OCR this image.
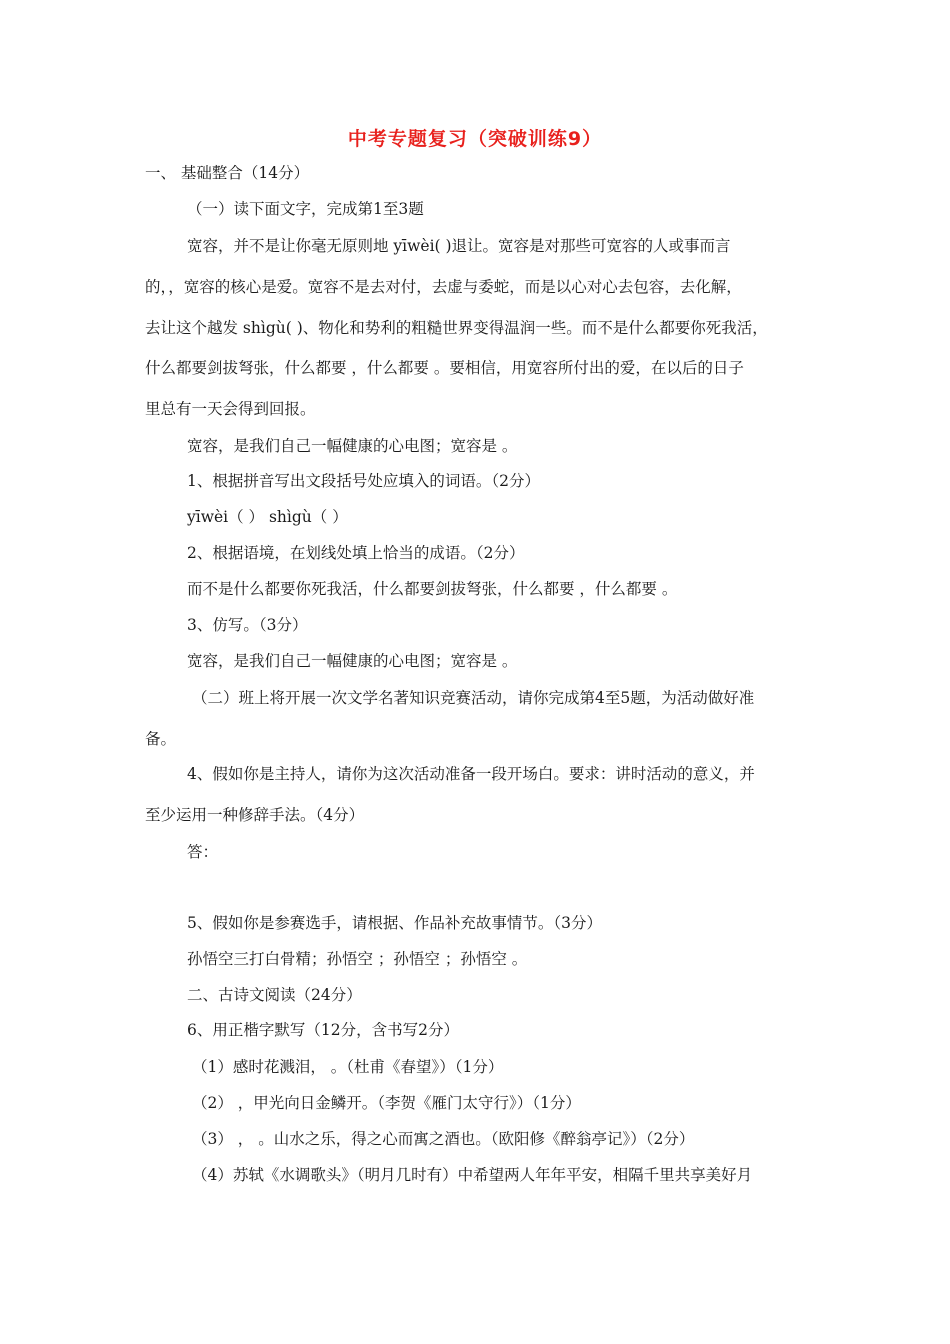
中考专题复习（突破训练9）
一、 基础整合（14分）
（一）读下面文字，完成第1至3题
宽容，并不是让你毫无原则地 yīwèi( )退让。宽容是对那些可宽容的人或事而言
的，，宽容的核心是爱。宽容不是去对付，去虚与委蛇，而是以心对心去包容，去化解，
去让这个越发 shìgù( )、物化和势利的粗糙世界变得温润一些。而不是什么都要你死我活，
什么都要剑拔弩张，什么都要 ，什么都要 。要相信，用宽容所付出的爱，在以后的日子
里总有一天会得到回报。
宽容，是我们自己一幅健康的心电图；宽容是 。
1、根据拼音写出文段括号处应填入的词语。（2分）
yīwèi（ ） shìgù（ ）
2、根据语境，在划线处填上恰当的成语。（2分）
而不是什么都要你死我活，什么都要剑拔弩张，什么都要 ，什么都要 。
3、仿写。（3分）
宽容，是我们自己一幅健康的心电图；宽容是 。
（二）班上将开展一次文学名著知识竞赛活动，请你完成第4至5题，为活动做好准
备。
4、假如你是主持人，请你为这次活动准备一段开场白。要求：讲时活动的意义，并
至少运用一种修辞手法。（4分）
答：
5、假如你是参赛选手，请根据、作品补充故事情节。（3分）
孙悟空三打白骨精；孙悟空 ；孙悟空 ；孙悟空 。
二、古诗文阅读（24分）
6、用正楷字默写（12分，含书写2分）
（1）感时花溅泪， 。（杜甫《春望》）（1分）
（2） ，甲光向日金鳞开。（李贺《雁门太守行》）（1分）
（3） ， 。山水之乐，得之心而寓之酒也。（欧阳修《醉翁亭记》）（2分）
（4）苏轼《水调歌头》（明月几时有）中希望两人年年平安，相隔千里共享美好月
